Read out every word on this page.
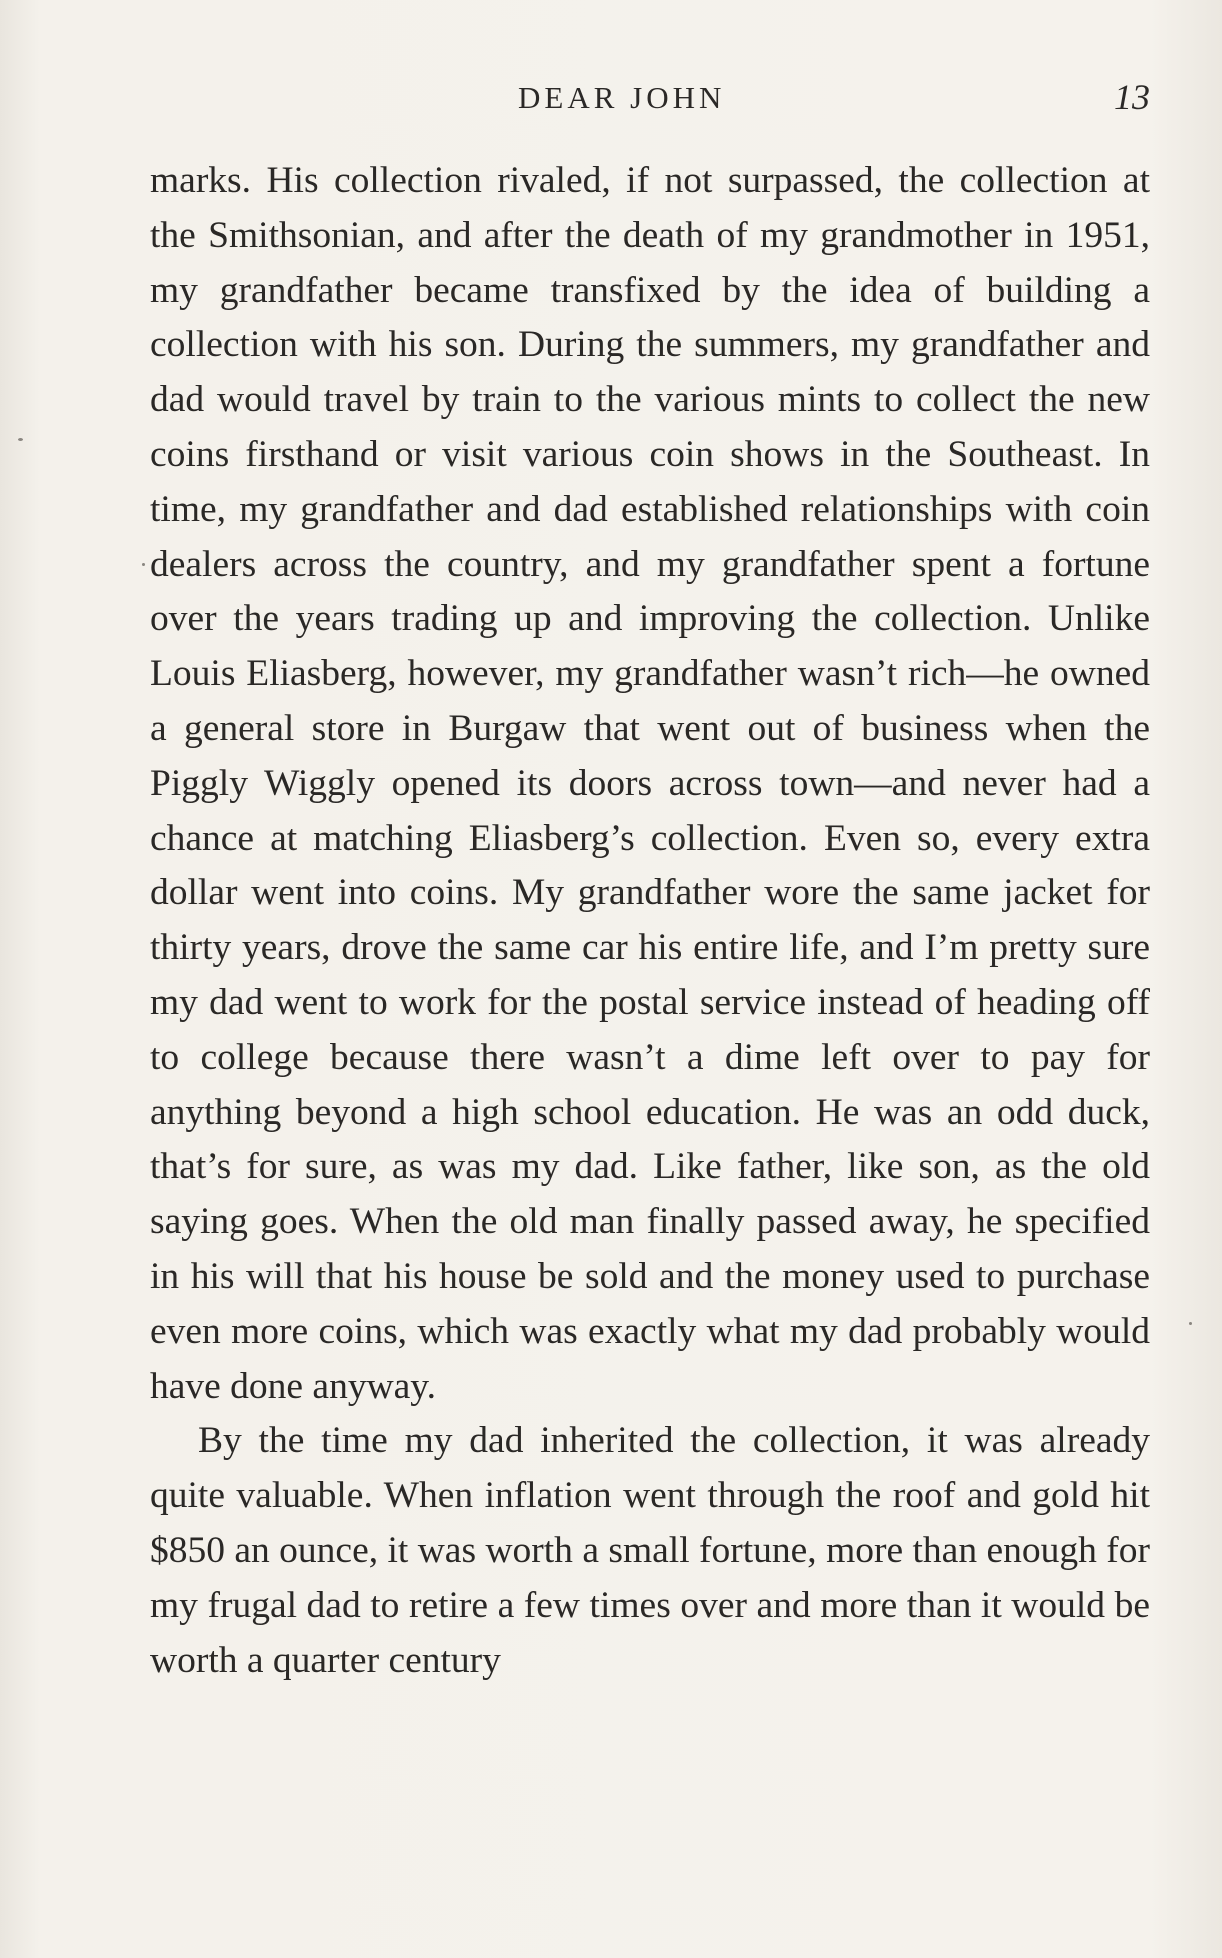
DEAR JOHN	13

marks. His collection rivaled, if not surpassed, the collection at the Smithsonian, and after the death of my grandmother in 1951, my grandfather became transfixed by the idea of building a collection with his son. During the summers, my grandfather and dad would travel by train to the various mints to collect the new coins firsthand or visit various coin shows in the Southeast. In time, my grandfather and dad established relationships with coin dealers across the country, and my grandfather spent a fortune over the years trading up and improving the collection. Unlike Louis Eliasberg, however, my grandfather wasn’t rich—he owned a general store in Burgaw that went out of business when the Piggly Wiggly opened its doors across town—and never had a chance at matching Eliasberg’s collection. Even so, every extra dollar went into coins. My grandfather wore the same jacket for thirty years, drove the same car his entire life, and I’m pretty sure my dad went to work for the postal service instead of heading off to college because there wasn’t a dime left over to pay for anything beyond a high school education. He was an odd duck, that’s for sure, as was my dad. Like father, like son, as the old saying goes. When the old man finally passed away, he specified in his will that his house be sold and the money used to purchase even more coins, which was exactly what my dad probably would have done anyway.

By the time my dad inherited the collection, it was already quite valuable. When inflation went through the roof and gold hit $850 an ounce, it was worth a small fortune, more than enough for my frugal dad to retire a few times over and more than it would be worth a quarter century
